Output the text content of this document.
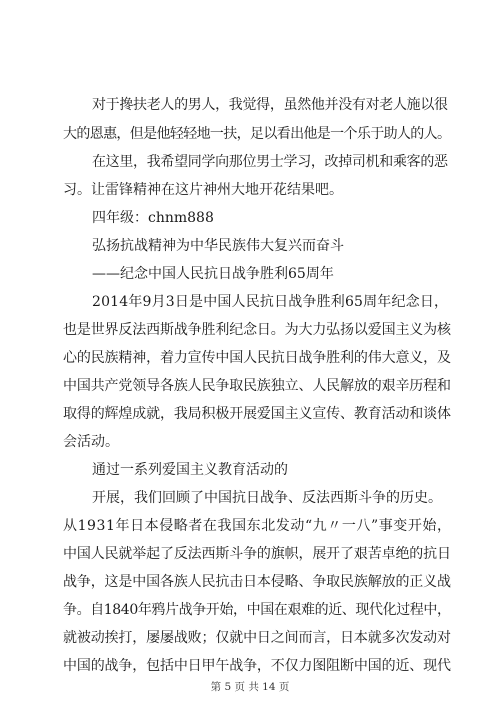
对于搀扶老人的男人，我觉得，虽然他并没有对老人施以很
大的恩惠，但是他轻轻地一扶，足以看出他是一个乐于助人的人。
在这里，我希望同学向那位男士学习，改掉司机和乘客的恶
习。让雷锋精神在这片神州大地开花结果吧。
四年级：chnm888
弘扬抗战精神为中华民族伟大复兴而奋斗
——纪念中国人民抗日战争胜利65周年
2014年9月3日是中国人民抗日战争胜利65周年纪念日，
也是世界反法西斯战争胜利纪念日。为大力弘扬以爱国主义为核
心的民族精神，着力宣传中国人民抗日战争胜利的伟大意义，及
中国共产党领导各族人民争取民族独立、人民解放的艰辛历程和
取得的辉煌成就，我局积极开展爱国主义宣传、教育活动和谈体
会活动。
通过一系列爱国主义教育活动的
开展，我们回顾了中国抗日战争、反法西斯斗争的历史。
从1931年日本侵略者在我国东北发动“九〃一八”事变开始，
中国人民就举起了反法西斯斗争的旗帜，展开了艰苦卓绝的抗日
战争，这是中国各族人民抗击日本侵略、争取民族解放的正义战
争。自1840年鸦片战争开始，中国在艰难的近、现代化过程中，
就被动挨打，屡屡战败；仅就中日之间而言，日本就多次发动对
中国的战争，包括中日甲午战争，不仅力图阻断中国的近、现代
第 5 页 共 14 页
